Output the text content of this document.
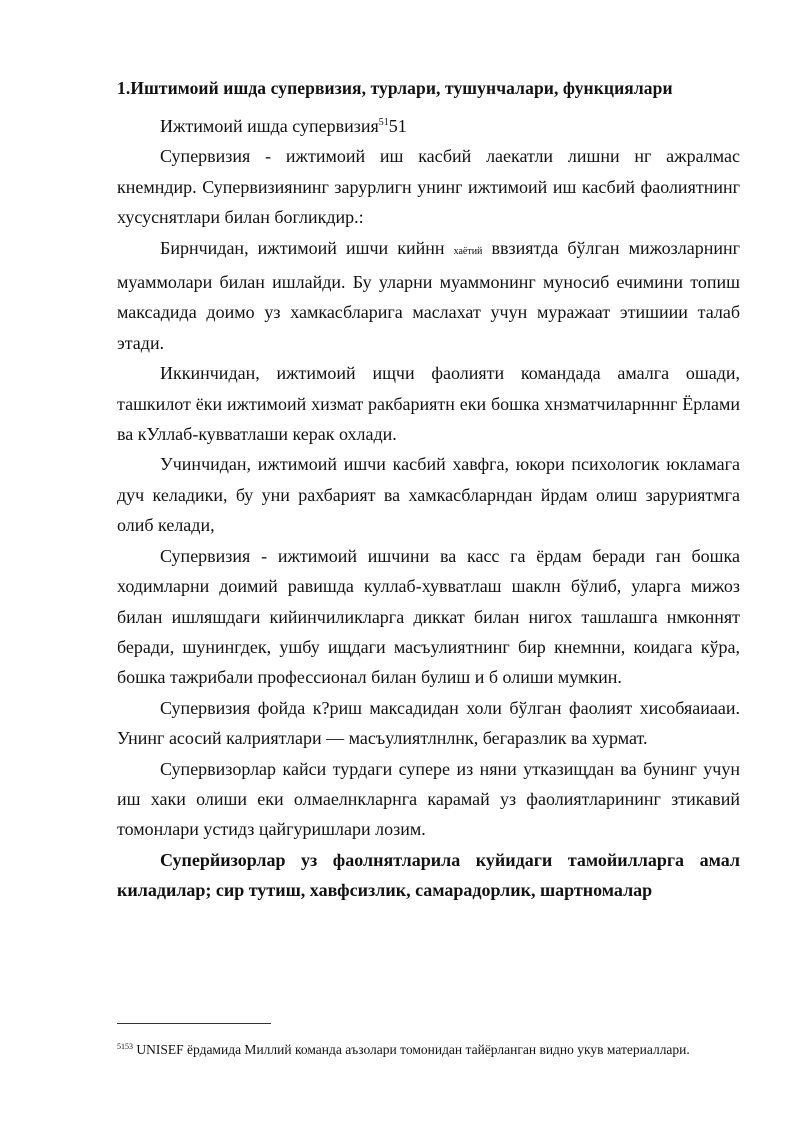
1.Иштимоий ишда супервизия, турлари, тушунчалари, функциялари

Ижтимоий ишда супервизия$^{51}$51

Супервизия - ижтимоий иш касбий лаекатли лишни нг ажралмас кнемндир. Супервизиянинг зарурлигн унинг ижтимоий иш касбий фаолиятнинг хусуснятлари билан богликдир.:

Бирнчидан, ижтимоий ишчи кийнн хаётий ввзиятда бўлган мижозларнинг муаммолари билан ишлайди. Бу уларни муаммонинг муносиб ечимини топиш максадида доимо уз хамкасбларига маслахат учун муражаат этишиии талаб этади.

Иккинчидан, ижтимоий ищчи фаолияти командада амалга ошади, ташкилот ёки ижтимоий хизмат ракбариятн еки бошка хнзматчиларнннг Ёрлами ва кУллаб-кувватлаши керак охлади.

Учинчидан, ижтимоий ишчи касбий хавфга, юкори психологик юкламага дуч келадики, бу уни рахбарият ва хамкасбларндан йрдам олиш заруриятмга олиб келади,

Супервизия - ижтимоий ишчини ва касс га ёрдам беради ган бошка ходимларни доимий равишда куллаб-хувватлаш шаклн бўлиб, уларга мижоз билан ишляшдаги кийинчиликларга диккат билан нигох ташлашга нмконнят беради, шунингдек, ушбу ищдаги масъулиятнинг бир кнемнни, коидага кўра, бошка тажрибали профессионал билан булиш и б олиши мумкин.

Супервизия фойда к?риш максадидан холи бўлган фаолият хисобяаиааи. Унинг асосий калриятлари — масъулиятлнлнк, бегаразлик ва хурмат.

Супервизорлар кайси турдаги супере из няни утказищдан ва бунинг учун иш хаки олиши еки олмаелнкларнга карамай уз фаолиятларининг зтикавий томонлари устидз цайгуришлари лозим.

Суперйизорлар уз фаолнятларила куйидаги тамойилларга амал киладилар; сир тутиш, хавфсизлик, самарадорлик, шартномалар

$^{5153}$ UNISEF ёрдамида Миллий команда аъзолари томонидан тайёрланган видно укув материаллари.
